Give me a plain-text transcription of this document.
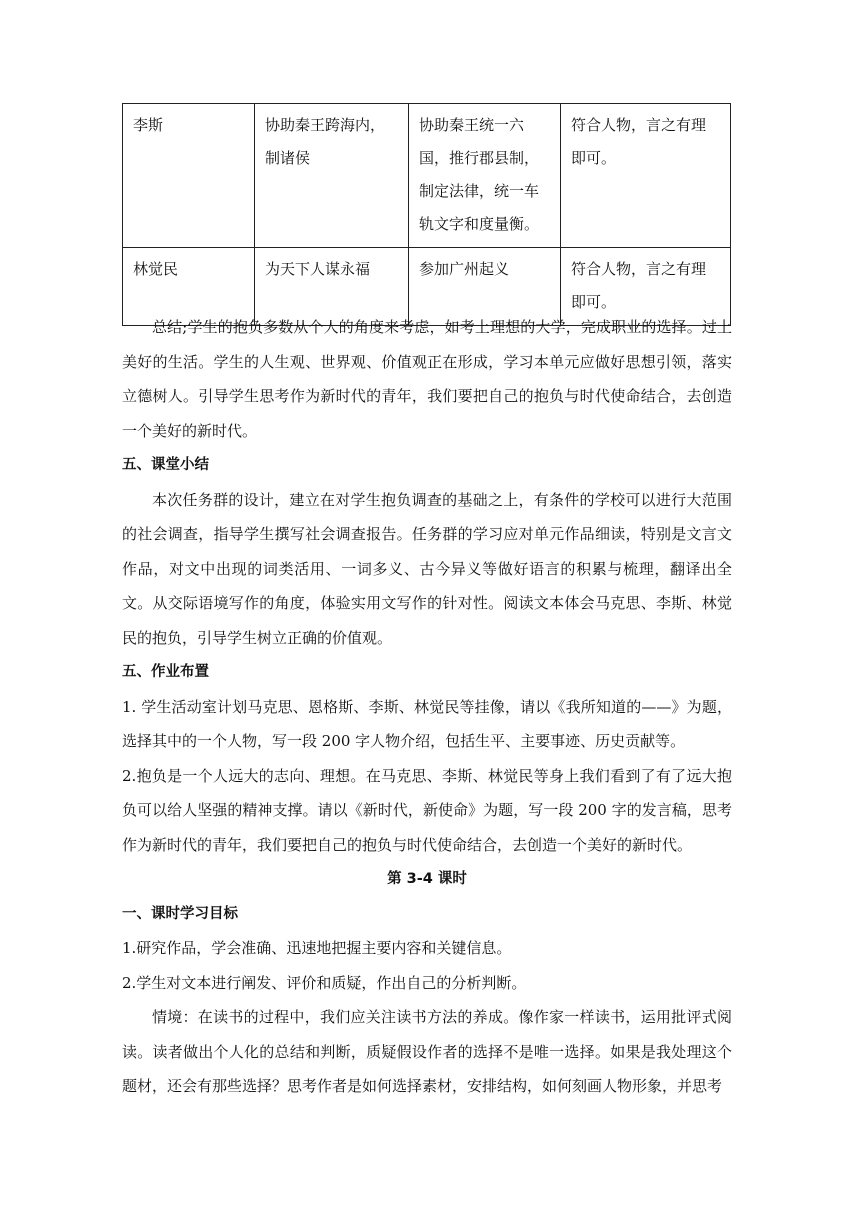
李斯	协助秦王跨海内，制诸侯	协助秦王统一六国，推行郡县制，制定法律，统一车轨文字和度量衡。	符合人物，言之有理即可。
林觉民	为天下人谋永福	参加广州起义	符合人物，言之有理即可。

总结;学生的抱负多数从个人的角度来考虑，如考上理想的大学，完成职业的选择。过上美好的生活。学生的人生观、世界观、价值观正在形成，学习本单元应做好思想引领，落实立德树人。引导学生思考作为新时代的青年，我们要把自己的抱负与时代使命结合，去创造一个美好的新时代。

五、课堂小结

本次任务群的设计，建立在对学生抱负调查的基础之上，有条件的学校可以进行大范围的社会调查，指导学生撰写社会调查报告。任务群的学习应对单元作品细读，特别是文言文作品，对文中出现的词类活用、一词多义、古今异义等做好语言的积累与梳理，翻译出全文。从交际语境写作的角度，体验实用文写作的针对性。阅读文本体会马克思、李斯、林觉民的抱负，引导学生树立正确的价值观。

五、作业布置

1. 学生活动室计划马克思、恩格斯、李斯、林觉民等挂像，请以《我所知道的——》为题，选择其中的一个人物，写一段 200 字人物介绍，包括生平、主要事迹、历史贡献等。

2.抱负是一个人远大的志向、理想。在马克思、李斯、林觉民等身上我们看到了有了远大抱负可以给人坚强的精神支撑。请以《新时代，新使命》为题，写一段 200 字的发言稿，思考作为新时代的青年，我们要把自己的抱负与时代使命结合，去创造一个美好的新时代。

第 3-4 课时

一、课时学习目标

1.研究作品，学会准确、迅速地把握主要内容和关键信息。

2.学生对文本进行阐发、评价和质疑，作出自己的分析判断。

情境：在读书的过程中，我们应关注读书方法的养成。像作家一样读书，运用批评式阅读。读者做出个人化的总结和判断，质疑假设作者的选择不是唯一选择。如果是我处理这个题材，还会有那些选择？思考作者是如何选择素材，安排结构，如何刻画人物形象，并思考
